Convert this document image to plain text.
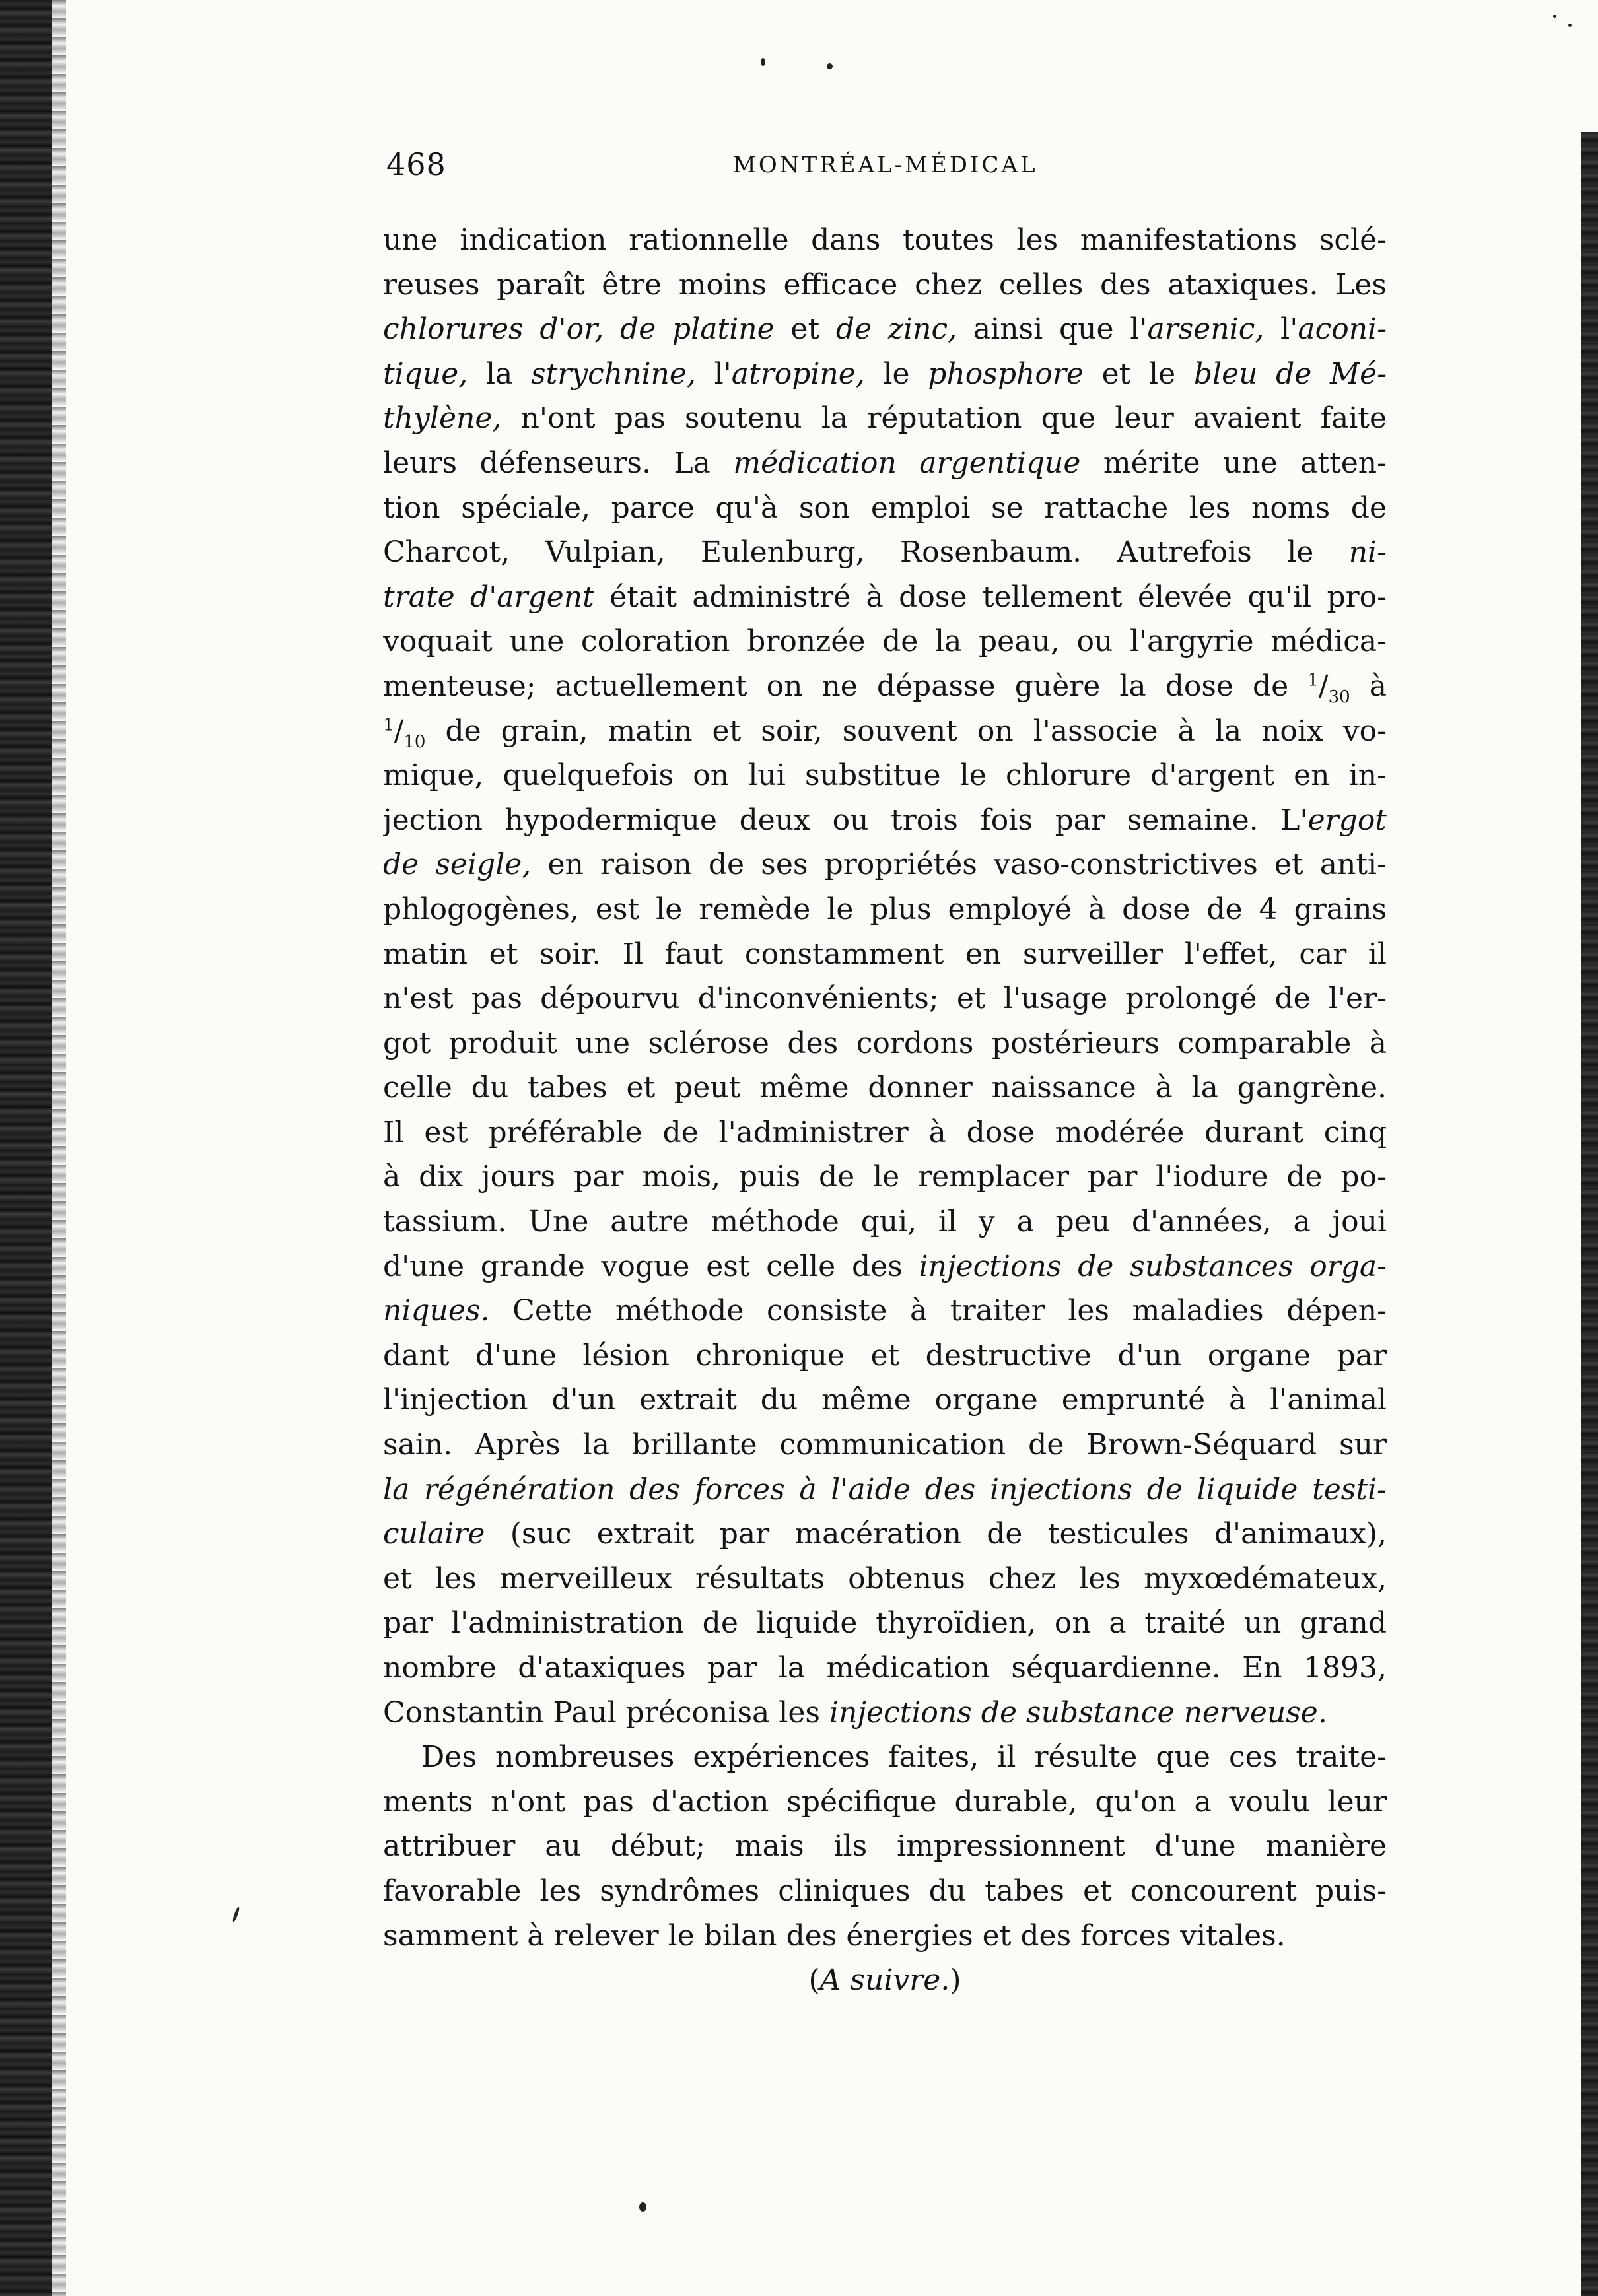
468	MONTRÉAL-MÉDICAL
une indication rationnelle dans toutes les manifestations sclé-
reuses paraît être moins efficace chez celles des ataxiques. Les
chlorures d'or, de platine et de zinc, ainsi que l'arsenic, l'aconi-
tique, la strychnine, l'atropine, le phosphore et le bleu de Mé-
thylène, n'ont pas soutenu la réputation que leur avaient faite
leurs défenseurs. La médication argentique mérite une atten-
tion spéciale, parce qu'à son emploi se rattache les noms de
Charcot, Vulpian, Eulenburg, Rosenbaum. Autrefois le ni-
trate d'argent était administré à dose tellement élevée qu'il pro-
voquait une coloration bronzée de la peau, ou l'argyrie médica-
menteuse; actuellement on ne dépasse guère la dose de $^1/_{30}$ à
$^1/_{10}$ de grain, matin et soir, souvent on l'associe à la noix vo-
mique, quelquefois on lui substitue le chlorure d'argent en in-
jection hypodermique deux ou trois fois par semaine. L'ergot
de seigle, en raison de ses propriétés vaso-constrictives et anti-
phlogogènes, est le remède le plus employé à dose de 4 grains
matin et soir. Il faut constamment en surveiller l'effet, car il
n'est pas dépourvu d'inconvénients; et l'usage prolongé de l'er-
got produit une sclérose des cordons postérieurs comparable à
celle du tabes et peut même donner naissance à la gangrène.
Il est préférable de l'administrer à dose modérée durant cinq
à dix jours par mois, puis de le remplacer par l'iodure de po-
tassium. Une autre méthode qui, il y a peu d'années, a joui
d'une grande vogue est celle des injections de substances orga-
niques. Cette méthode consiste à traiter les maladies dépen-
dant d'une lésion chronique et destructive d'un organe par
l'injection d'un extrait du même organe emprunté à l'animal
sain. Après la brillante communication de Brown-Séquard sur
la régénération des forces à l'aide des injections de liquide testi-
culaire (suc extrait par macération de testicules d'animaux),
et les merveilleux résultats obtenus chez les myxœdémateux,
par l'administration de liquide thyroïdien, on a traité un grand
nombre d'ataxiques par la médication séquardienne. En 1893,
Constantin Paul préconisa les injections de substance nerveuse.
Des nombreuses expériences faites, il résulte que ces traite-
ments n'ont pas d'action spécifique durable, qu'on a voulu leur
attribuer au début; mais ils impressionnent d'une manière
favorable les syndrômes cliniques du tabes et concourent puis-
samment à relever le bilan des énergies et des forces vitales.
(A suivre.)
